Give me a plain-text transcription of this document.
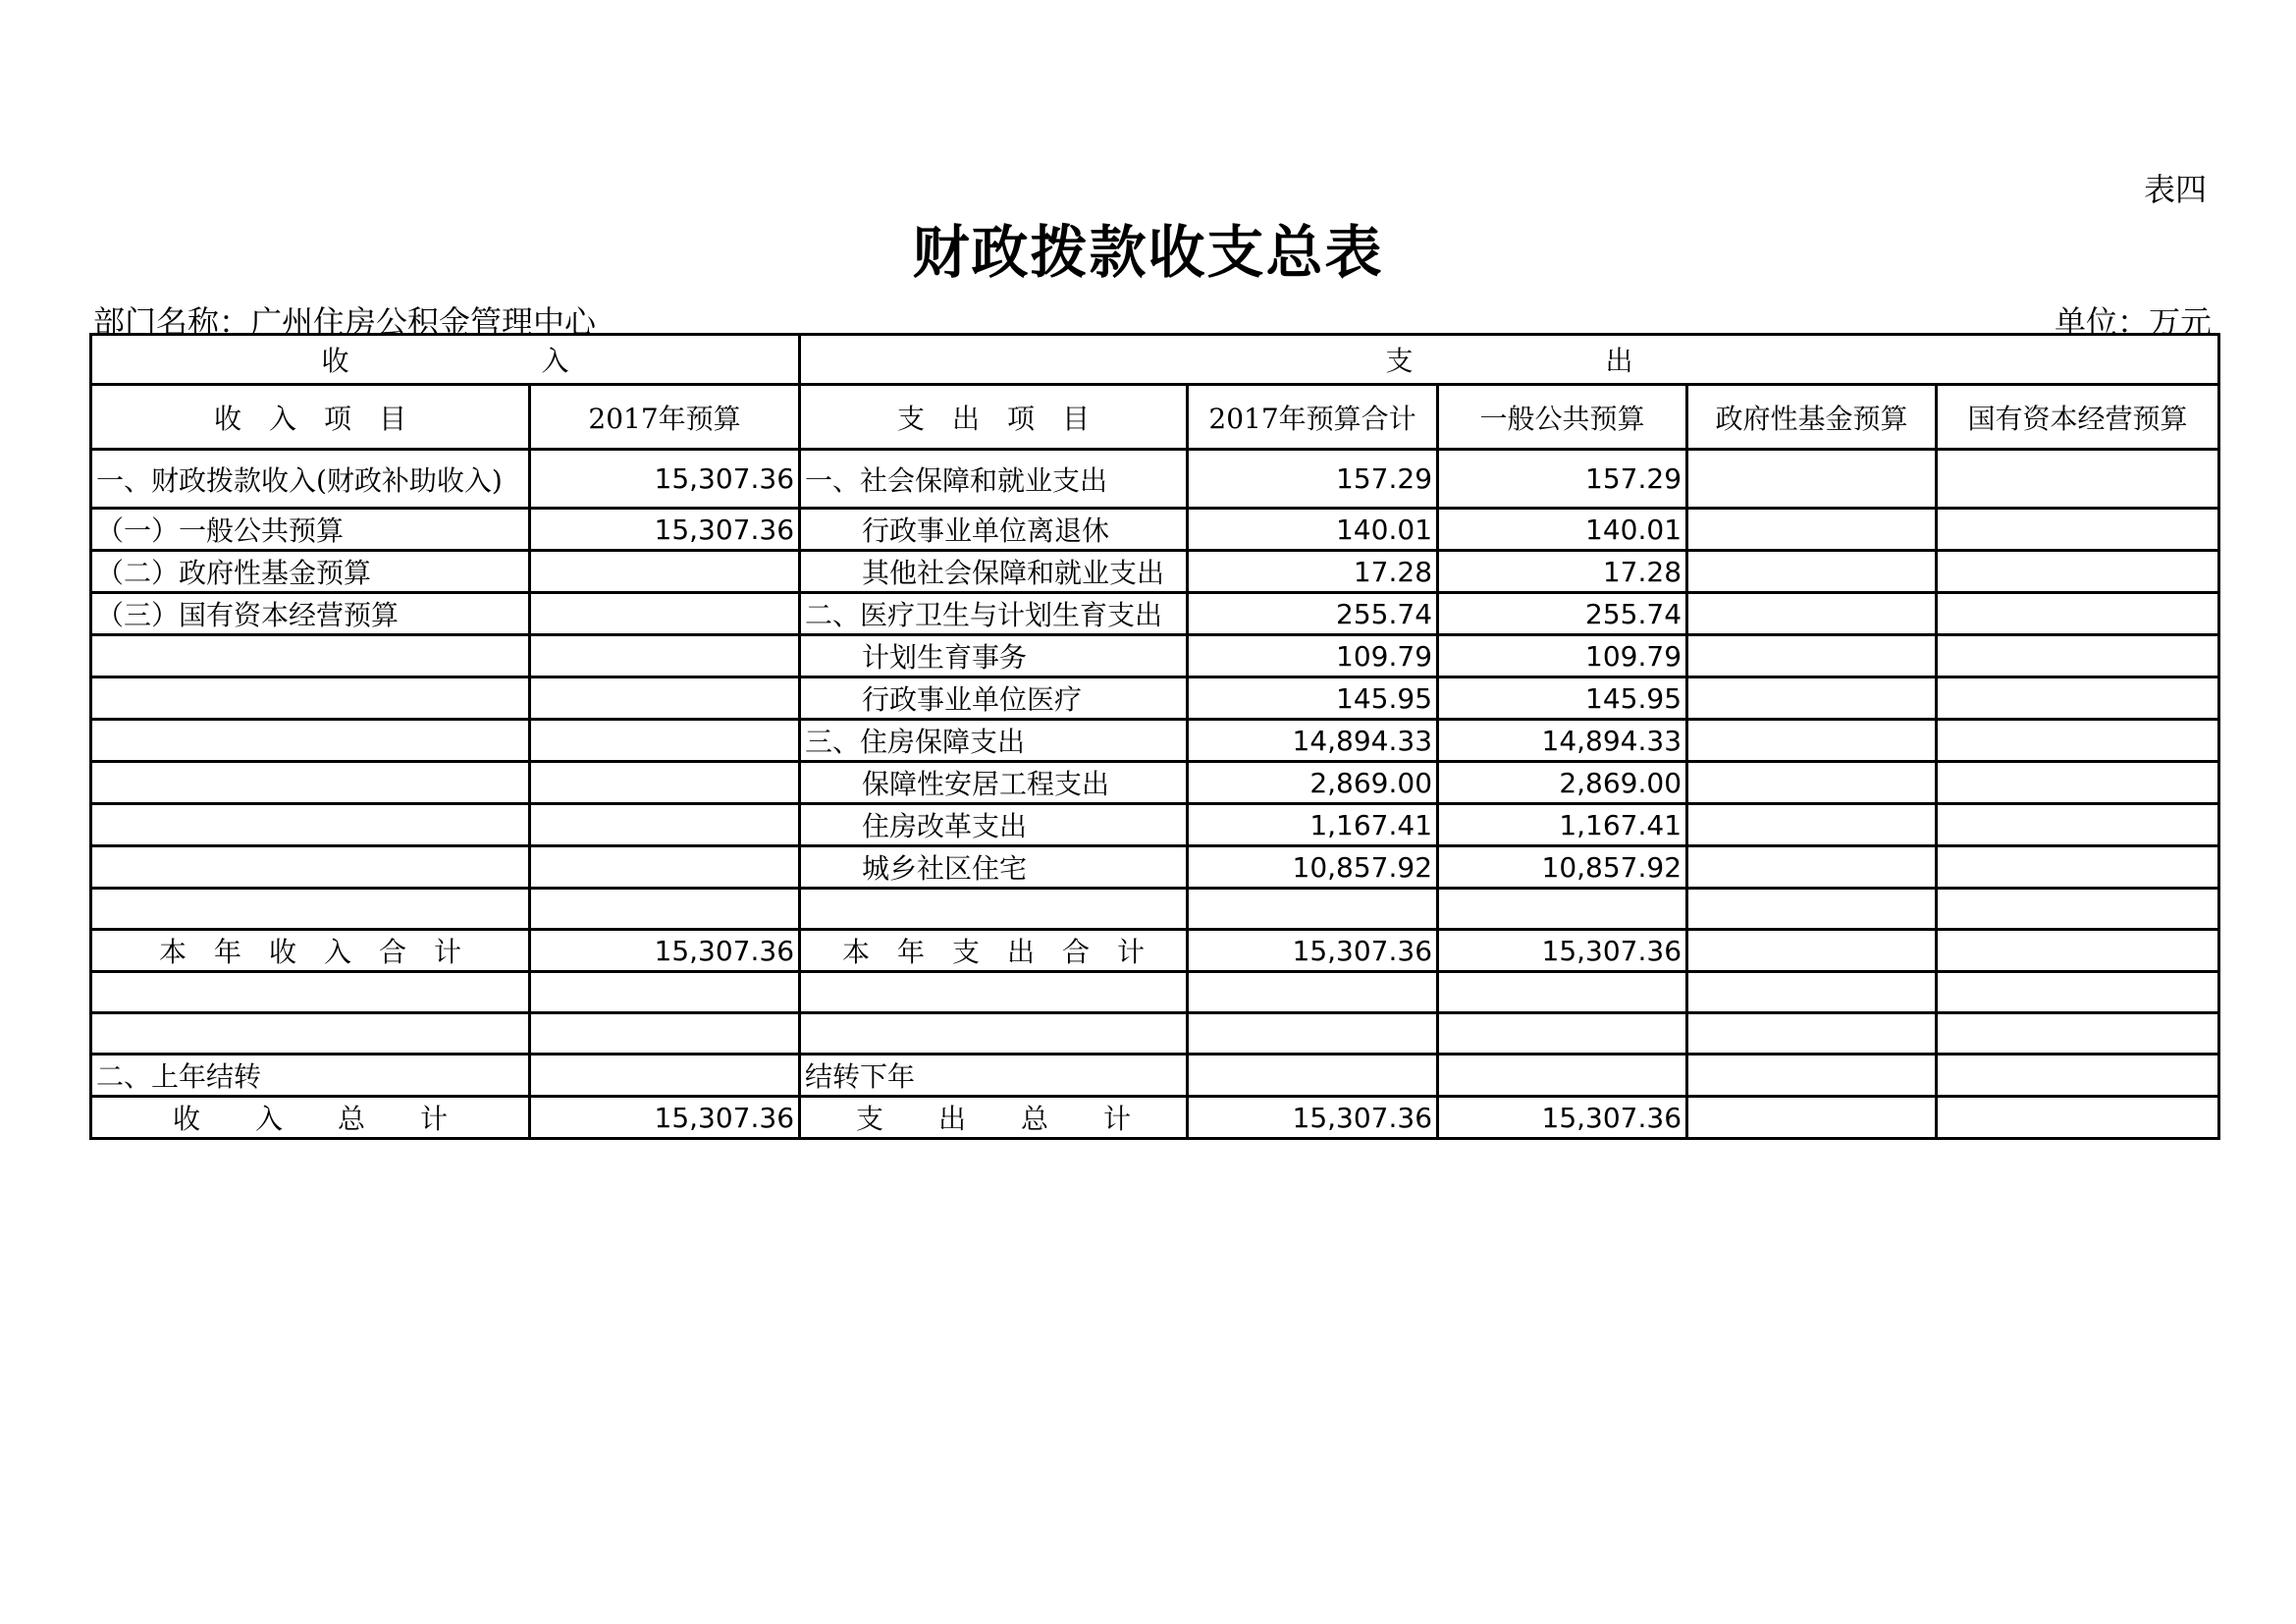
表四
财政拨款收支总表
部门名称：广州住房公积金管理中心	单位：万元
收　　　　　　　入		支　　　　　　　出				
收　入　项　目	2017年预算	支　出　项　目	2017年预算合计	一般公共预算	政府性基金预算	国有资本经营预算
一、财政拨款收入(财政补助收入)	15,307.36	一、社会保障和就业支出	157.29	157.29		
（一）一般公共预算	15,307.36	行政事业单位离退休	140.01	140.01		
（二）政府性基金预算		其他社会保障和就业支出	17.28	17.28		
（三）国有资本经营预算		二、医疗卫生与计划生育支出	255.74	255.74		
		计划生育事务	109.79	109.79		
		行政事业单位医疗	145.95	145.95		
		三、住房保障支出	14,894.33	14,894.33		
		保障性安居工程支出	2,869.00	2,869.00		
		住房改革支出	1,167.41	1,167.41		
		城乡社区住宅	10,857.92	10,857.92		

本　年　收　入　合　计	15,307.36	本　年　支　出　合　计	15,307.36	15,307.36		

二、上年结转		结转下年				
收　　入　　总　　计	15,307.36	支　　出　　总　　计	15,307.36	15,307.36		
